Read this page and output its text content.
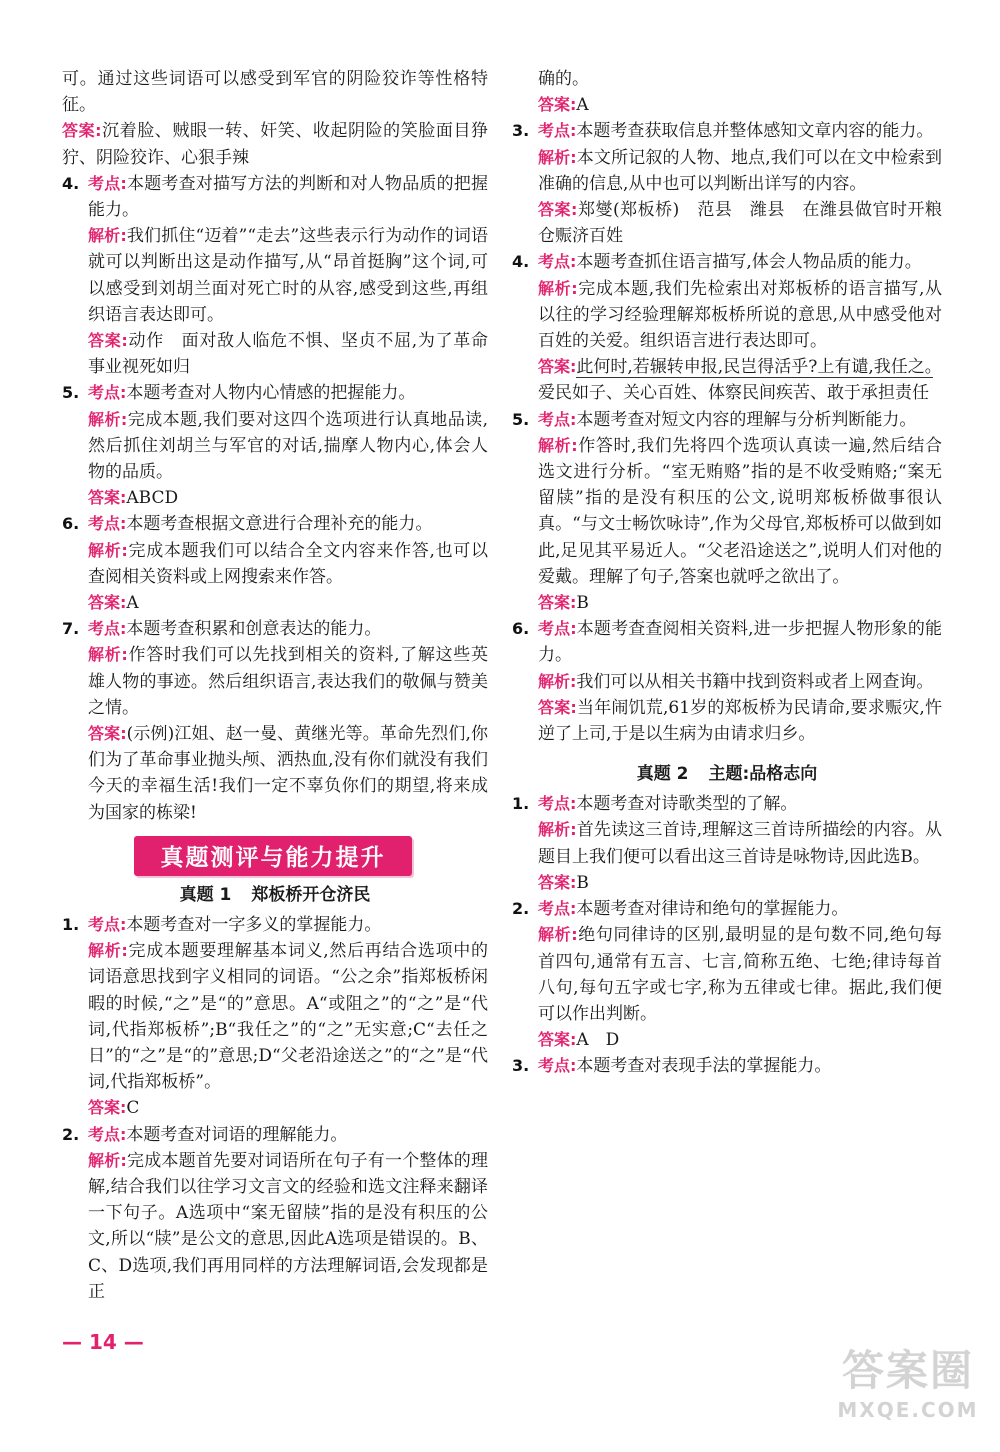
可。通过这些词语可以感受到军官的阴险狡诈等性格特征。

答案:沉着脸、贼眼一转、奸笑、收起阴险的笑脸面目狰狞、阴险狡诈、心狠手辣

4. 考点:本题考查对描写方法的判断和对人物品质的把握能力。

解析:我们抓住“迈着”“走去”这些表示行为动作的词语就可以判断出这是动作描写,从“昂首挺胸”这个词,可以感受到刘胡兰面对死亡时的从容,感受到这些,再组织语言表达即可。

答案:动作　面对敌人临危不惧、坚贞不屈,为了革命事业视死如归

5. 考点:本题考查对人物内心情感的把握能力。

解析:完成本题,我们要对这四个选项进行认真地品读,然后抓住刘胡兰与军官的对话,揣摩人物内心,体会人物的品质。

答案:ABCD

6. 考点:本题考查根据文意进行合理补充的能力。

解析:完成本题我们可以结合全文内容来作答,也可以查阅相关资料或上网搜索来作答。

答案:A

7. 考点:本题考查积累和创意表达的能力。

解析:作答时我们可以先找到相关的资料,了解这些英雄人物的事迹。然后组织语言,表达我们的敬佩与赞美之情。

答案:(示例)江姐、赵一曼、黄继光等。革命先烈们,你们为了革命事业抛头颅、洒热血,没有你们就没有我们今天的幸福生活!我们一定不辜负你们的期望,将来成为国家的栋梁!

真题测评与能力提升
真题 1 郑板桥开仓济民

1. 考点:本题考查对一字多义的掌握能力。

解析:完成本题要理解基本词义,然后再结合选项中的词语意思找到字义相同的词语。“公之余”指郑板桥闲暇的时候,“之”是“的”意思。A“或阻之”的“之”是“代词,代指郑板桥”;B“我任之”的“之”无实意;C“去任之日”的“之”是“的”意思;D“父老沿途送之”的“之”是“代词,代指郑板桥”。

答案:C

2. 考点:本题考查对词语的理解能力。

解析:完成本题首先要对词语所在句子有一个整体的理解,结合我们以往学习文言文的经验和选文注释来翻译一下句子。A选项中“案无留牍”指的是没有积压的公文,所以“牍”是公文的意思,因此A选项是错误的。B、C、D选项,我们再用同样的方法理解词语,会发现都是正

确的。

答案:A

3. 考点:本题考查获取信息并整体感知文章内容的能力。

解析:本文所记叙的人物、地点,我们可以在文中检索到准确的信息,从中也可以判断出详写的内容。

答案:郑燮(郑板桥)　范县　潍县　在潍县做官时开粮仓赈济百姓

4. 考点:本题考查抓住语言描写,体会人物品质的能力。

解析:完成本题,我们先检索出对郑板桥的语言描写,从以往的学习经验理解郑板桥所说的意思,从中感受他对百姓的关爱。组织语言进行表达即可。

答案:此何时,若辗转申报,民岂得活乎?上有谴,我任之。　爱民如子、关心百姓、体察民间疾苦、敢于承担责任

5. 考点:本题考查对短文内容的理解与分析判断能力。

解析:作答时,我们先将四个选项认真读一遍,然后结合选文进行分析。“室无贿赂”指的是不收受贿赂;“案无留牍”指的是没有积压的公文,说明郑板桥做事很认真。“与文士畅饮咏诗”,作为父母官,郑板桥可以做到如此,足见其平易近人。“父老沿途送之”,说明人们对他的爱戴。理解了句子,答案也就呼之欲出了。

答案:B

6. 考点:本题考查查阅相关资料,进一步把握人物形象的能力。

解析:我们可以从相关书籍中找到资料或者上网查询。

答案:当年闹饥荒,61岁的郑板桥为民请命,要求赈灾,忤逆了上司,于是以生病为由请求归乡。

真题 2 主题:品格志向

1. 考点:本题考查对诗歌类型的了解。

解析:首先读这三首诗,理解这三首诗所描绘的内容。从题目上我们便可以看出这三首诗是咏物诗,因此选B。

答案:B

2. 考点:本题考查对律诗和绝句的掌握能力。

解析:绝句同律诗的区别,最明显的是句数不同,绝句每首四句,通常有五言、七言,简称五绝、七绝;律诗每首八句,每句五字或七字,称为五律或七律。据此,我们便可以作出判断。

答案:A　D

3. 考点:本题考查对表现手法的掌握能力。

— 14 —
答案圈
MXQE.COM
